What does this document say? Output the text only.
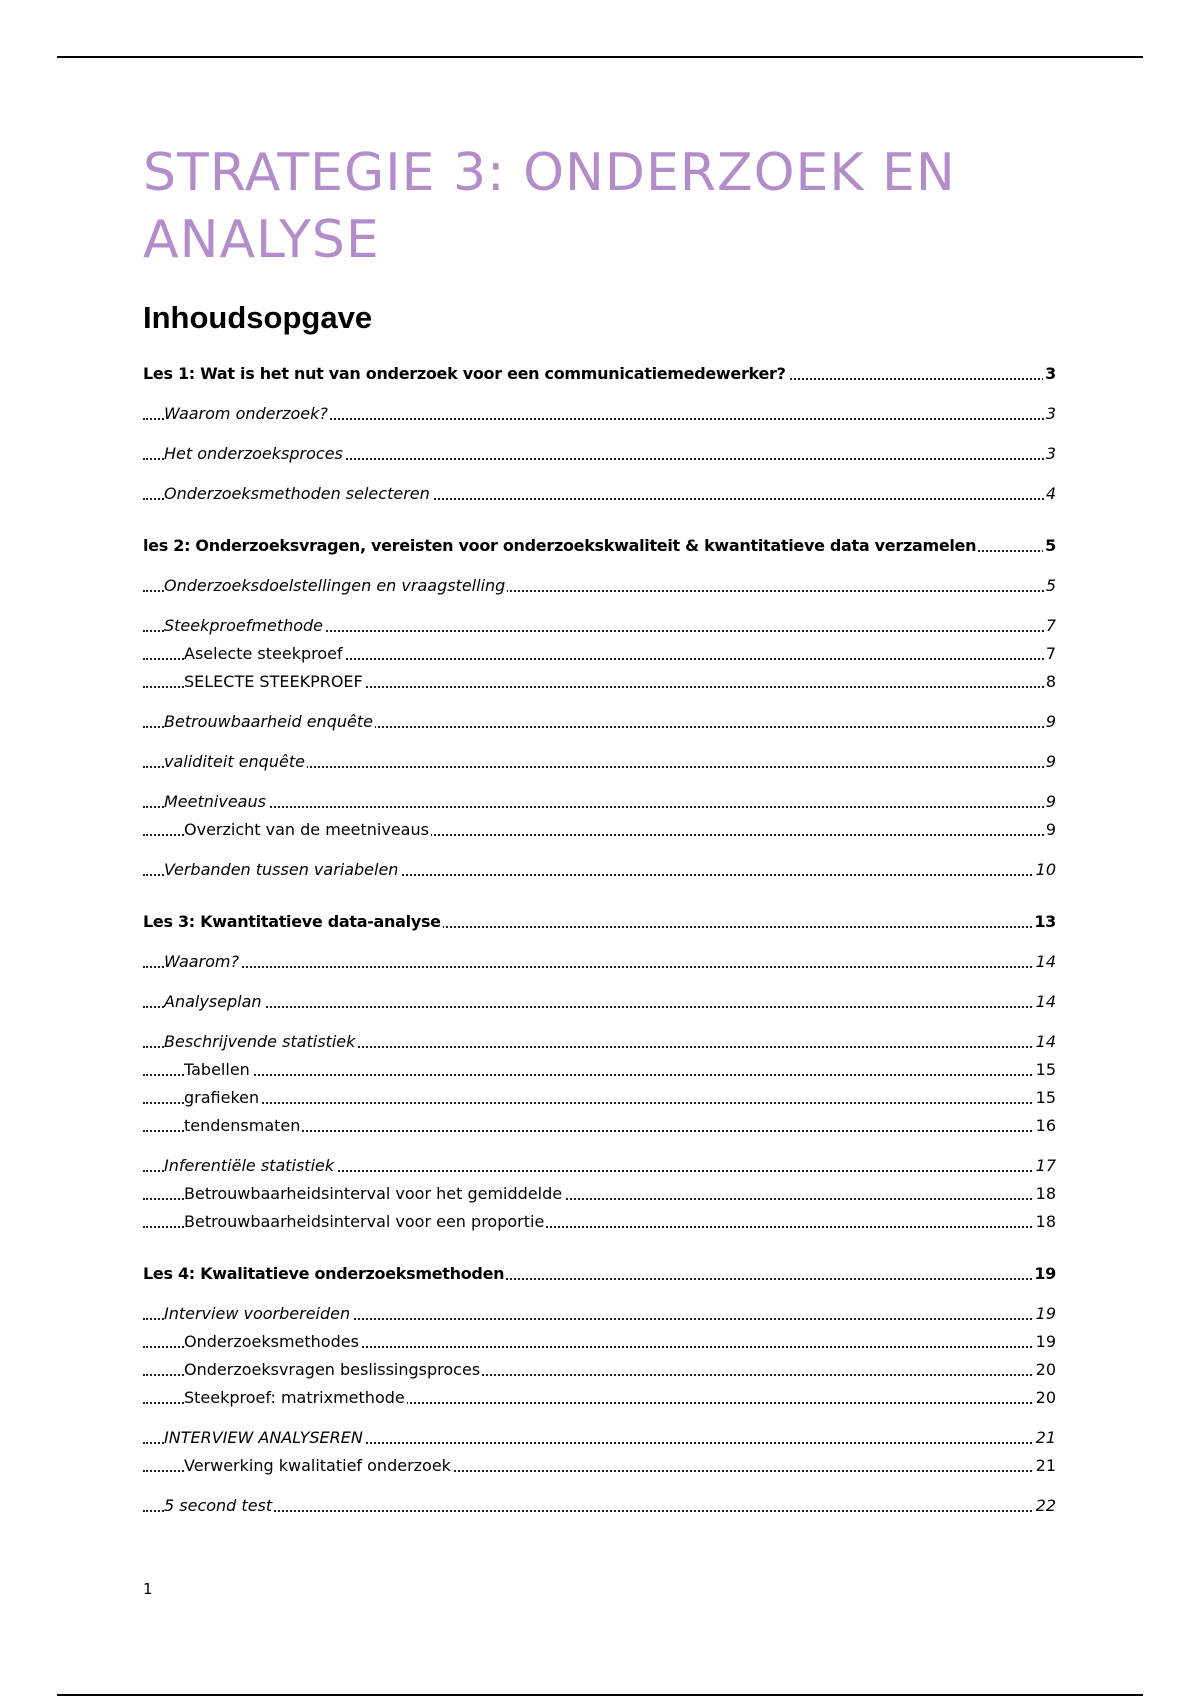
STRATEGIE 3: ONDERZOEK EN ANALYSE
Inhoudsopgave
Les 1: Wat is het nut van onderzoek voor een communicatiemedewerker?	3
Waarom onderzoek?	3
Het onderzoeksproces	3
Onderzoeksmethoden selecteren	4
les 2: Onderzoeksvragen, vereisten voor onderzoekskwaliteit & kwantitatieve data verzamelen	5
Onderzoeksdoelstellingen en vraagstelling	5
Steekproefmethode	7
Aselecte steekproef	7
SELECTE STEEKPROEF	8
Betrouwbaarheid enquête	9
validiteit enquête	9
Meetniveaus	9
Overzicht van de meetniveaus	9
Verbanden tussen variabelen	10
Les 3: Kwantitatieve data-analyse	13
Waarom?	14
Analyseplan	14
Beschrijvende statistiek	14
Tabellen	15
grafieken	15
tendensmaten	16
Inferentiële statistiek	17
Betrouwbaarheidsinterval voor het gemiddelde	18
Betrouwbaarheidsinterval voor een proportie	18
Les 4: Kwalitatieve onderzoeksmethoden	19
Interview voorbereiden	19
Onderzoeksmethodes	19
Onderzoeksvragen beslissingsproces	20
Steekproef: matrixmethode	20
INTERVIEW ANALYSEREN	21
Verwerking kwalitatief onderzoek	21
5 second test	22
1
